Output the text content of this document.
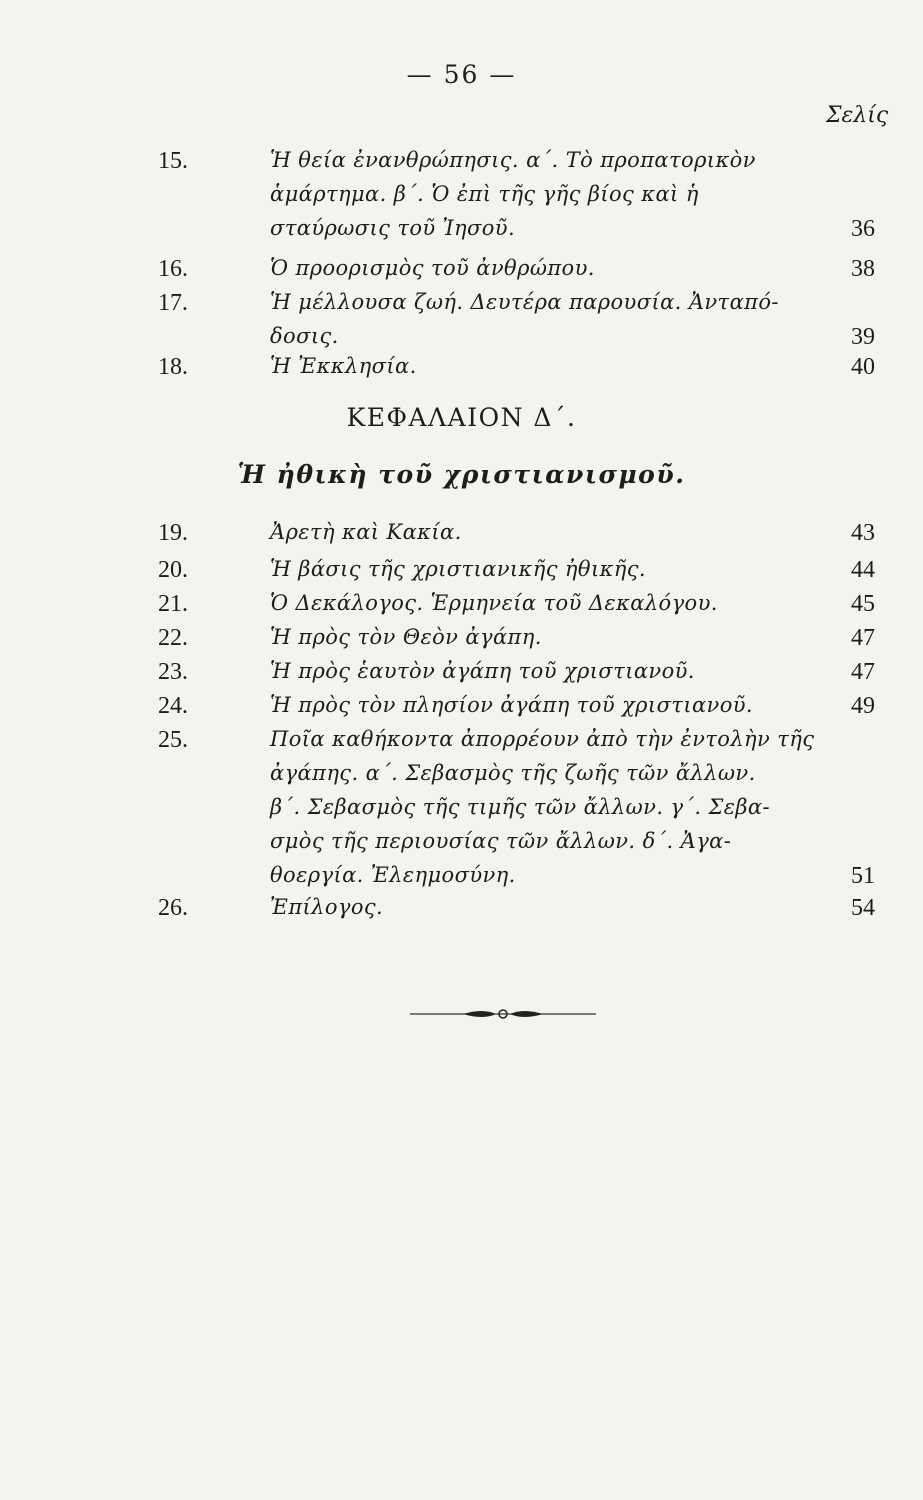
— 56 —
Σελίς
ΚΕΦΑΛΑΙΟΝ Δ΄.
Ἡ ἠθικὴ τοῦ χριστιανισμοῦ.
15.	Ἡ θεία ἐνανθρώπησις. α΄. Τὸ προπατορικὸν
ἁμάρτημα. β΄. Ὁ ἐπὶ τῆς γῆς βίος καὶ ἡ
σταύρωσις τοῦ Ἰησοῦ.	36
16.	Ὁ προορισμὸς τοῦ ἀνθρώπου.	38
17.	Ἡ μέλλουσα ζωή. Δευτέρα παρουσία. Ἀνταπό-
δοσις.	39
18.	Ἡ Ἐκκλησία.	40
19.	Ἀρετὴ καὶ Κακία.	43
20.	Ἡ βάσις τῆς χριστιανικῆς ἠθικῆς.	44
21.	Ὁ Δεκάλογος. Ἑρμηνεία τοῦ Δεκαλόγου.	45
22.	Ἡ πρὸς τὸν Θεὸν ἀγάπη.	47
23.	Ἡ πρὸς ἑαυτὸν ἀγάπη τοῦ χριστιανοῦ.	47
24.	Ἡ πρὸς τὸν πλησίον ἀγάπη τοῦ χριστιανοῦ.	49
25.	Ποῖα καθήκοντα ἀπορρέουν ἀπὸ τὴν ἐντολὴν τῆς
ἀγάπης. α΄. Σεβασμὸς τῆς ζωῆς τῶν ἄλλων.
β΄. Σεβασμὸς τῆς τιμῆς τῶν ἄλλων. γ΄. Σεβα-
σμὸς τῆς περιουσίας τῶν ἄλλων. δ΄. Ἀγα-
θοεργία. Ἐλεημοσύνη.	51
26.	Ἐπίλογος.	54
